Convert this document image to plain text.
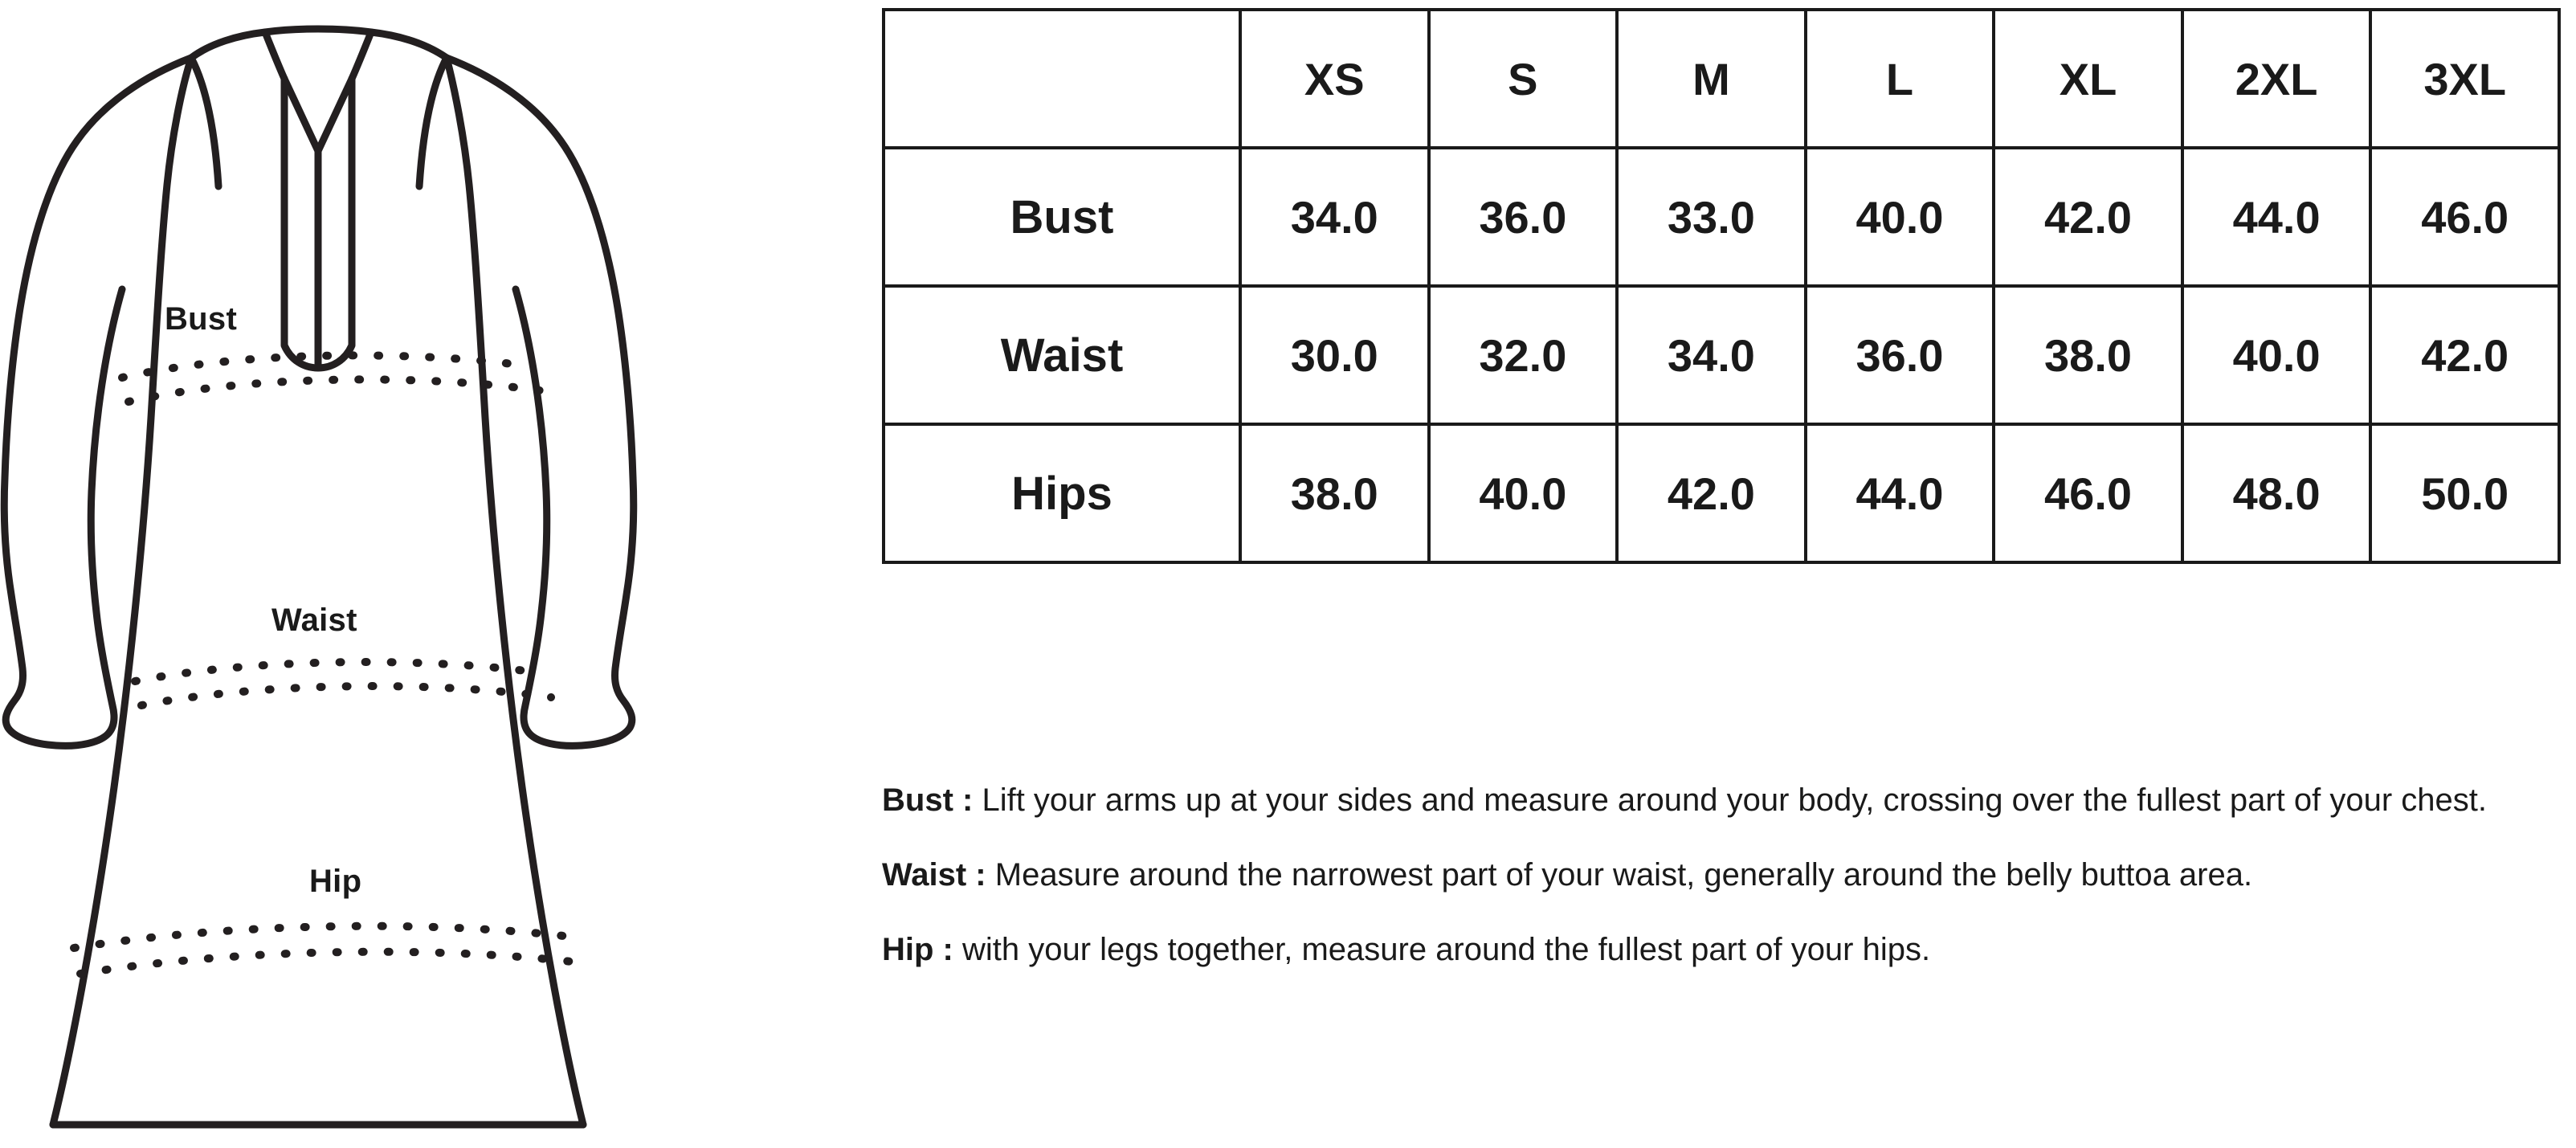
Bust
Waist
Hip
	XS	S	M	L	XL	2XL	3XL
Bust	34.0	36.0	33.0	40.0	42.0	44.0	46.0
Waist	30.0	32.0	34.0	36.0	38.0	40.0	42.0
Hips	38.0	40.0	42.0	44.0	46.0	48.0	50.0

Bust : Lift your arms up at your sides and measure around your body, crossing over the fullest part of your chest.

Waist : Measure around the narrowest part of your waist, generally around the belly buttoa area.

Hip : with your legs together, measure around the fullest part of your hips.
